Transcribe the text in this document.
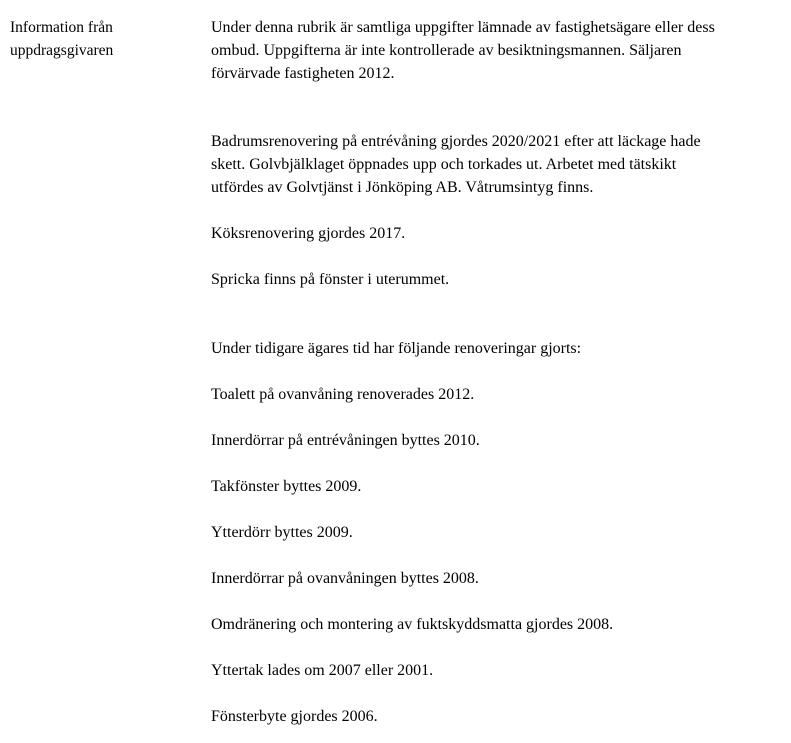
Information från
uppdragsgivaren

Under denna rubrik är samtliga uppgifter lämnade av fastighetsägare eller dess
ombud. Uppgifterna är inte kontrollerade av besiktningsmannen. Säljaren
förvärvade fastigheten 2012.

Badrumsrenovering på entrévåning gjordes 2020/2021 efter att läckage hade
skett. Golvbjälklaget öppnades upp och torkades ut. Arbetet med tätskikt
utfördes av Golvtjänst i Jönköping AB. Våtrumsintyg finns.

Köksrenovering gjordes 2017.

Spricka finns på fönster i uterummet.

Under tidigare ägares tid har följande renoveringar gjorts:

Toalett på ovanvåning renoverades 2012.

Innerdörrar på entrévåningen byttes 2010.

Takfönster byttes 2009.

Ytterdörr byttes 2009.

Innerdörrar på ovanvåningen byttes 2008.

Omdränering och montering av fuktskyddsmatta gjordes 2008.

Yttertak lades om 2007 eller 2001.

Fönsterbyte gjordes 2006.
